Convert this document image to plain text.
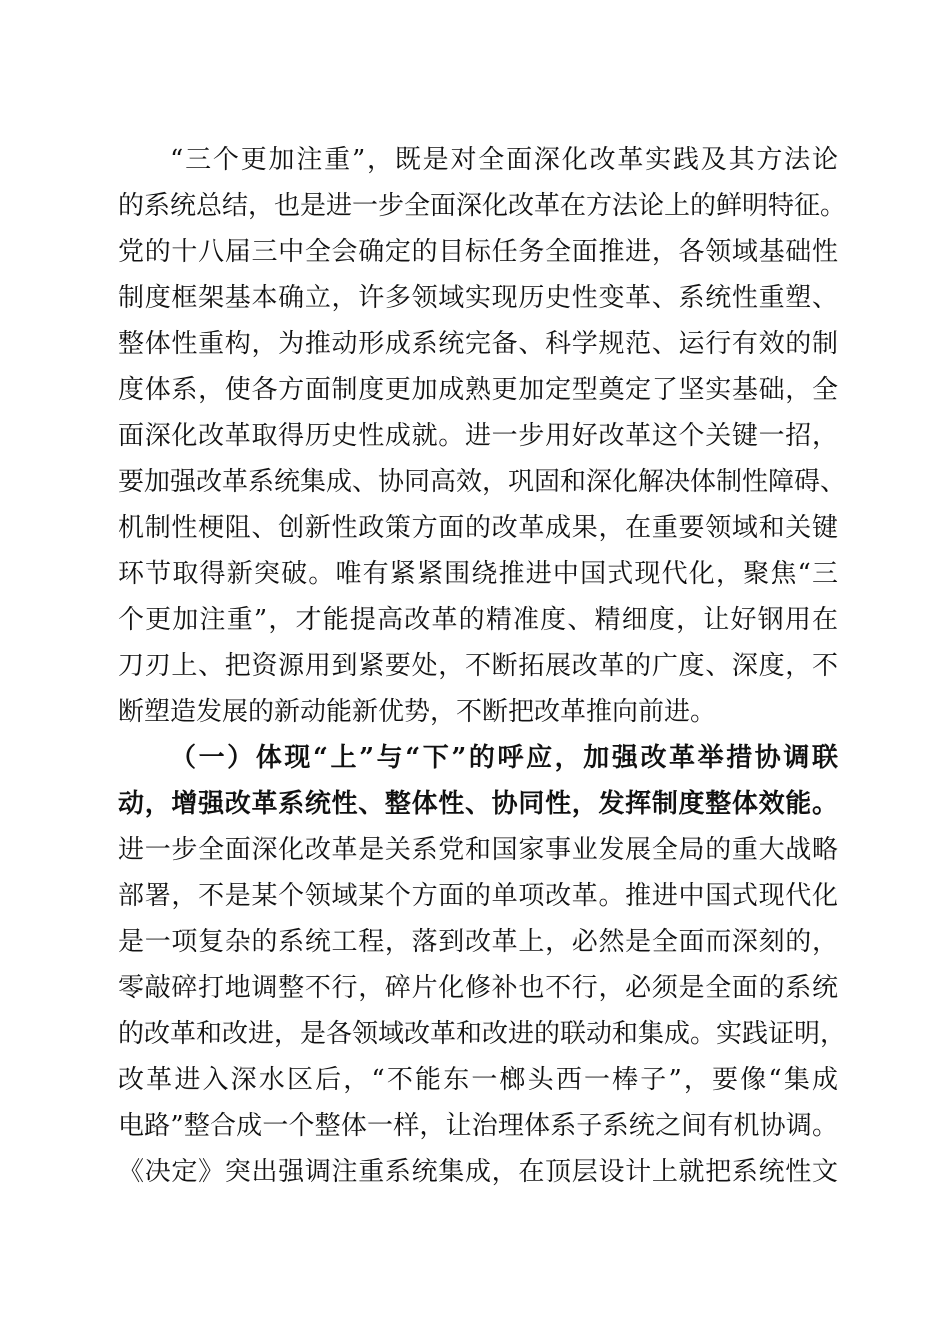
“三个更加注重”，既是对全面深化改革实践及其方法论
的系统总结，也是进一步全面深化改革在方法论上的鲜明特征。
党的十八届三中全会确定的目标任务全面推进，各领域基础性
制度框架基本确立，许多领域实现历史性变革、系统性重塑、
整体性重构，为推动形成系统完备、科学规范、运行有效的制
度体系，使各方面制度更加成熟更加定型奠定了坚实基础，全
面深化改革取得历史性成就。进一步用好改革这个关键一招，
要加强改革系统集成、协同高效，巩固和深化解决体制性障碍、
机制性梗阻、创新性政策方面的改革成果，在重要领域和关键
环节取得新突破。唯有紧紧围绕推进中国式现代化，聚焦“三
个更加注重”，才能提高改革的精准度、精细度，让好钢用在
刀刃上、把资源用到紧要处，不断拓展改革的广度、深度，不
断塑造发展的新动能新优势，不断把改革推向前进。
（一）体现“上”与“下”的呼应，加强改革举措协调联
动，增强改革系统性、整体性、协同性，发挥制度整体效能。
进一步全面深化改革是关系党和国家事业发展全局的重大战略
部署，不是某个领域某个方面的单项改革。推进中国式现代化
是一项复杂的系统工程，落到改革上，必然是全面而深刻的，
零敲碎打地调整不行，碎片化修补也不行，必须是全面的系统
的改革和改进，是各领域改革和改进的联动和集成。实践证明，
改革进入深水区后，“不能东一榔头西一棒子”，要像“集成
电路”整合成一个整体一样，让治理体系子系统之间有机协调。
《决定》突出强调注重系统集成，在顶层设计上就把系统性文
